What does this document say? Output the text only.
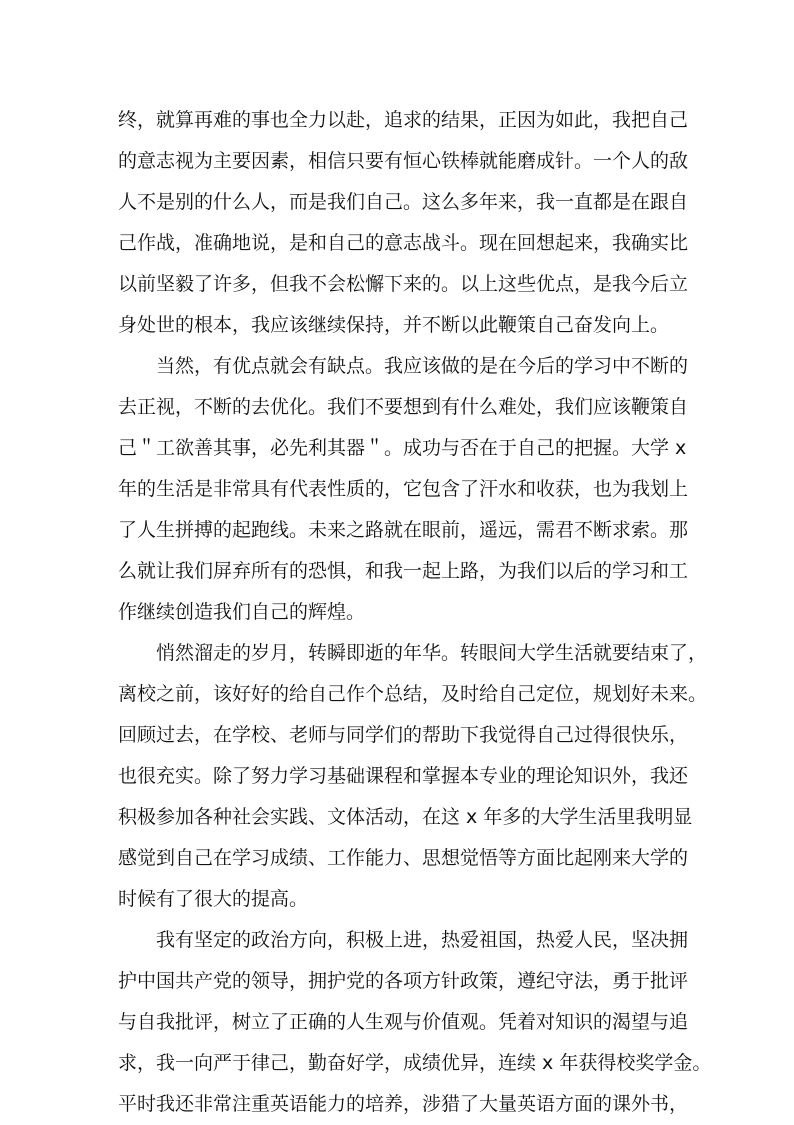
终，就算再难的事也全力以赴，追求的结果，正因为如此，我把自己
的意志视为主要因素，相信只要有恒心铁棒就能磨成针。一个人的敌
人不是别的什么人，而是我们自己。这么多年来，我一直都是在跟自
己作战，准确地说，是和自己的意志战斗。现在回想起来，我确实比
以前坚毅了许多，但我不会松懈下来的。以上这些优点，是我今后立
身处世的根本，我应该继续保持，并不断以此鞭策自己奋发向上。
当然，有优点就会有缺点。我应该做的是在今后的学习中不断的
去正视，不断的去优化。我们不要想到有什么难处，我们应该鞭策自
己＂工欲善其事，必先利其器＂。成功与否在于自己的把握。大学 x
年的生活是非常具有代表性质的，它包含了汗水和收获，也为我划上
了人生拼搏的起跑线。未来之路就在眼前，遥远，需君不断求索。那
么就让我们屏弃所有的恐惧，和我一起上路，为我们以后的学习和工
作继续创造我们自己的辉煌。
悄然溜走的岁月，转瞬即逝的年华。转眼间大学生活就要结束了，
离校之前，该好好的给自己作个总结，及时给自己定位，规划好未来。
回顾过去，在学校、老师与同学们的帮助下我觉得自己过得很快乐，
也很充实。除了努力学习基础课程和掌握本专业的理论知识外，我还
积极参加各种社会实践、文体活动，在这 x 年多的大学生活里我明显
感觉到自己在学习成绩、工作能力、思想觉悟等方面比起刚来大学的
时候有了很大的提高。
我有坚定的政治方向，积极上进，热爱祖国，热爱人民，坚决拥
护中国共产党的领导，拥护党的各项方针政策，遵纪守法，勇于批评
与自我批评，树立了正确的人生观与价值观。凭着对知识的渴望与追
求，我一向严于律己，勤奋好学，成绩优异，连续 x 年获得校奖学金。
平时我还非常注重英语能力的培养，涉猎了大量英语方面的课外书，
